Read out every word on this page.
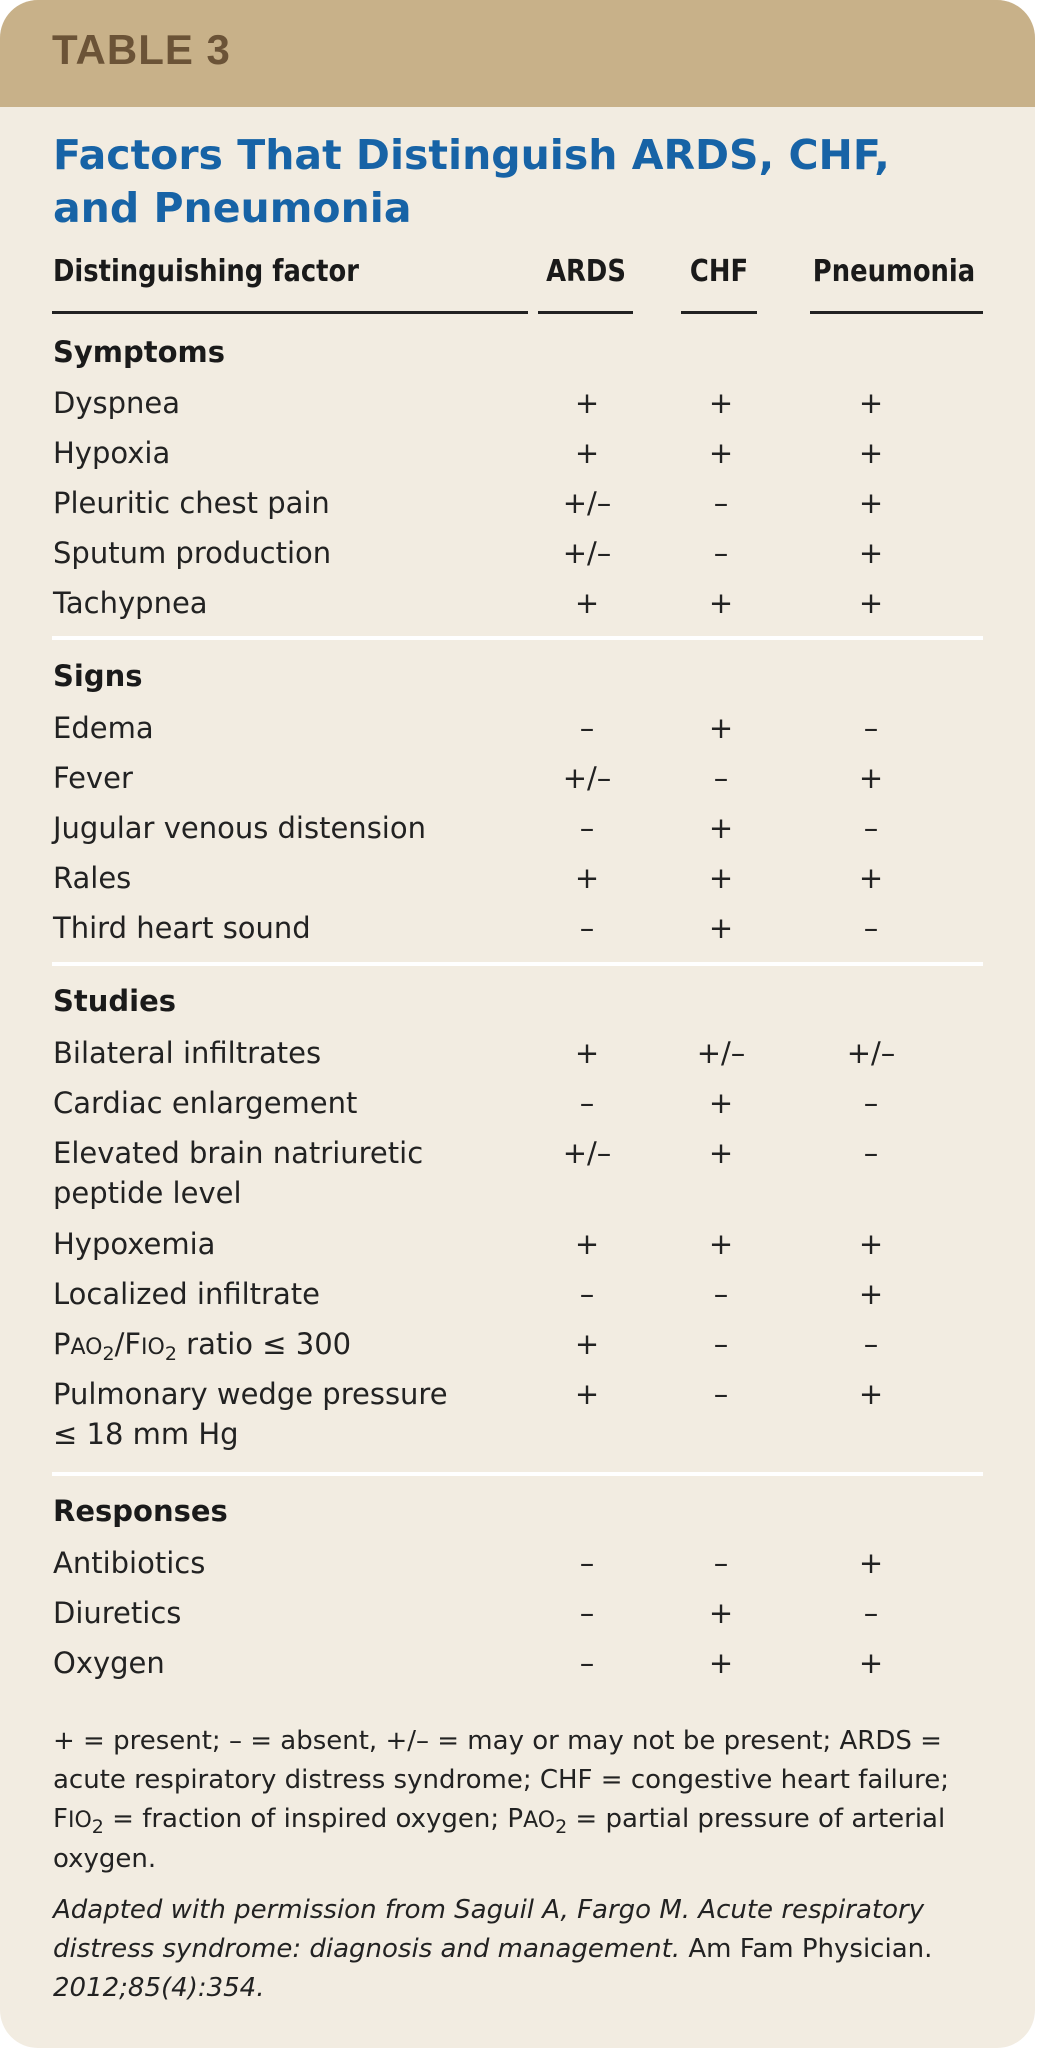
TABLE 3
Factors That Distinguish ARDS, CHF, and Pneumonia
Distinguishing factor	ARDS CHF Pneumonia
Symptoms
Dyspnea	+	+	+
Hypoxia	+	+	+
Pleuritic chest pain	+/–	–	+
Sputum production	+/–	–	+
Tachypnea	+	+	+
Signs
Edema	–	+	–
Fever	+/–	–	+
Jugular venous distension	–	+	–
Rales	+	+	+
Third heart sound	–	+	–
Studies
Bilateral infiltrates	+	+/–	+/–
Cardiac enlargement	–	+	–
Elevated brain natriuretic
peptide level
+/–	+	–
Hypoxemia	+	+	+
Localized infiltrate	–	–	+
$PAO_2/FIO_2$ ratio ≤ 300	+	–	–
Pulmonary wedge pressure
≤ 18 mm Hg
+	–	+
Responses
Antibiotics	–	–	+
Diuretics	–	+	–
Oxygen	–	+	+
+ = present; – = absent, +/– = may or may not be present; ARDS = acute respiratory distress syndrome; CHF = congestive heart failure; $FIO_2$ = fraction of inspired oxygen; $PAO_2$ = partial pressure of arterial oxygen.
Adapted with permission from Saguil A, Fargo M. Acute respiratory distress syndrome: diagnosis and management. Am Fam Physician. 2012;85(4):354.
